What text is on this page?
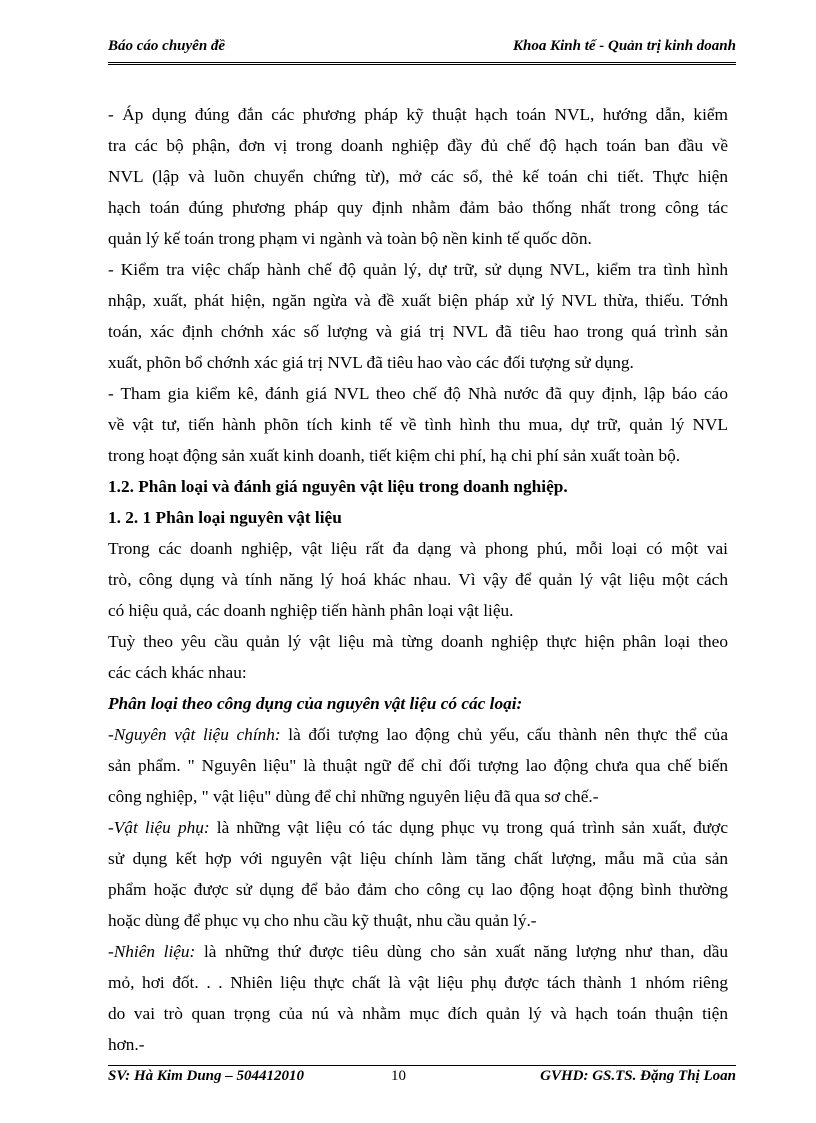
Báo cáo chuyên đề	Khoa Kinh tế - Quản trị kinh doanh
- Áp dụng đúng đắn các phương pháp kỹ thuật hạch toán NVL, hướng dẫn, kiểm
tra các bộ phận, đơn vị trong doanh nghiệp đầy đủ chế độ hạch toán ban đầu về
NVL (lập và luõn chuyển chứng từ), mở các sổ, thẻ kế toán chi tiết. Thực hiện
hạch toán đúng phương pháp quy định nhằm đảm bảo thống nhất trong công tác
quản lý kế toán trong phạm vi ngành và toàn bộ nền kinh tế quốc dõn.
- Kiểm tra việc chấp hành chế độ quản lý, dự trữ, sử dụng NVL, kiểm tra tình hình
nhập, xuất, phát hiện, ngăn ngừa và đề xuất biện pháp xử lý NVL thừa, thiếu. Tớnh
toán, xác định chớnh xác số lượng và giá trị NVL đã tiêu hao trong quá trình sản
xuất, phõn bổ chớnh xác giá trị NVL đã tiêu hao vào các đối tượng sử dụng.
- Tham gia kiểm kê, đánh giá NVL theo chế độ Nhà nước đã quy định, lập báo cáo
về vật tư, tiến hành phõn tích kinh tế về tình hình thu mua, dự trữ, quản lý NVL
trong hoạt động sản xuất kinh doanh, tiết kiệm chi phí, hạ chi phí sản xuất toàn bộ.
1.2. Phân loại và đánh giá nguyên vật liệu trong doanh nghiệp.
1. 2. 1 Phân loại nguyên vật liệu
Trong các doanh nghiệp, vật liệu rất đa dạng và phong phú, mỗi loại có một vai
trò, công dụng và tính năng lý hoá khác nhau. Vì vậy để quản lý vật liệu một cách
có hiệu quả, các doanh nghiệp tiến hành phân loại vật liệu.
Tuỳ theo yêu cầu quản lý vật liệu mà từng doanh nghiệp thực hiện phân loại theo
các cách khác nhau:
Phân loại theo công dụng của nguyên vật liệu có các loại:
-Nguyên vật liệu chính: là đối tượng lao động chủ yếu, cấu thành nên thực thể của
sản phẩm. " Nguyên liệu" là thuật ngữ để chỉ đối tượng lao động chưa qua chế biến
công nghiệp, " vật liệu" dùng để chỉ những nguyên liệu đã qua sơ chế.-
-Vật liệu phụ: là những vật liệu có tác dụng phục vụ trong quá trình sản xuất, được
sử dụng kết hợp với nguyên vật liệu chính làm tăng chất lượng, mẫu mã của sản
phẩm hoặc được sử dụng để bảo đảm cho công cụ lao động hoạt động bình thường
hoặc dùng để phục vụ cho nhu cầu kỹ thuật, nhu cầu quản lý.-
-Nhiên liệu: là những thứ được tiêu dùng cho sản xuất năng lượng như than, dầu
mỏ, hơi đốt. . . Nhiên liệu thực chất là vật liệu phụ được tách thành 1 nhóm riêng
do vai trò quan trọng của nú và nhằm mục đích quản lý và hạch toán thuận tiện
hơn.-
SV: Hà Kim Dung – 504412010	10	GVHD: GS.TS. Đặng Thị Loan
